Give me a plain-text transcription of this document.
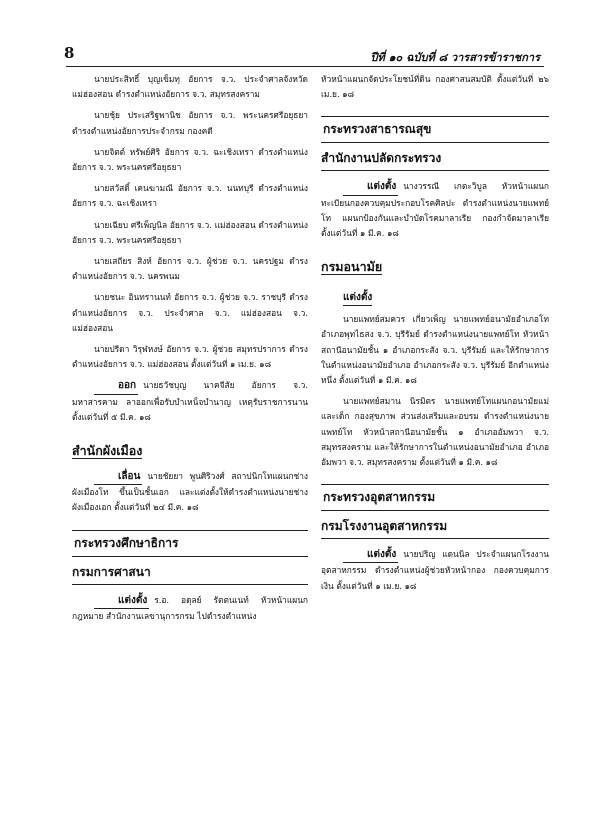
8	ปีที่ ๑๐ ฉบับที่ ๘ วารสารข้าราชการ

นายประสิทธิ์ บุญเข็มทุ อัยการ จ.ว. ประจำศาลจังหวัดแม่ฮ่องสอน ดำรงตำแหน่งอัยการ จ.ว. สมุทรสงคราม

นายชุ้ย ประเสริฐพานิช อัยการ จ.ว. พระนครศรีอยุธยา ดำรงตำแหน่งอัยการประจำกรม กองคดี

นายจิตต์ หรัพย์ศิริ อัยการ จ.ว. ฉะเชิงเทรา ดำรงตำแหน่งอัยการ จ.ว. พระนครศรีอยุธยา

นายสวัสดิ์ เคนฆามณี อัยการ จ.ว. นนทบุรี ดำรงตำแหน่งอัยการ จ.ว. ฉะเชิงเทรา

นายเฉียบ ศรีเพ็ญนิล อัยการ จ.ว. แม่ฮ่องสอน ดำรงตำแหน่งอัยการ จ.ว. พระนครศรีอยุธยา

นายเสถียร สิงห์ อัยการ จ.ว. ผู้ช่วย จ.ว. นครปฐม ดำรงตำแหน่งอัยการ จ.ว. นครพนม

นายชนะ อินทรานนท์ อัยการ จ.ว. ผู้ช่วย จ.ว. ราชบุรี ดำรงตำแหน่งอัยการ จ.ว. ประจำศาล จ.ว. แม่ฮ่องสอน จ.ว. แม่ฮ่องสอน

นายปรีดา วิรุฬหงษ์ อัยการ จ.ว. ผู้ช่วย สมุทรปราการ ดำรงตำแหน่งอัยการ จ.ว. แม่ฮ่องสอน ตั้งแต่วันที่ ๑ เม.ย. ๑๘

ออก นายธวัชบุญ นาคจีสัย อัยการ จ.ว. มหาสารคาม ลาออกเพื่อรับบำเหน็จบำนาญ เหตุรับราชการนาน ตั้งแต่วันที่ ๕ มี.ค. ๑๘

สำนักผังเมือง

เลื่อน นายชัยยา พูนศิริวงศ์ สถาปนิกโทแผนกช่างผังเมืองโท ขึ้นเป็นชั้นเอก และแต่งตั้งให้ดำรงตำแหน่งนายช่างผังเมืองเอก ตั้งแต่วันที่ ๒๔ มี.ค. ๑๘

กระทรวงศึกษาธิการ
กรมการศาสนา

แต่งตั้ง ร.อ. อดุลย์ รัตตนเนท์ หัวหน้าแผนกกฎหมาย สำนักงานเลขานุการกรม ไปดำรงตำแหน่ง

หัวหน้าแผนกจัดประโยชน์ที่ดิน กองศาสนสมบัติ ตั้งแต่วันที่ ๒๖ เม.ย. ๑๘

กระทรวงสาธารณสุข
สำนักงานปลัดกระทรวง

แต่งตั้ง นางวรรณี เกตะวิบูล หัวหน้าแผนกทะเบียนกองควบคุมประกอบโรคศิลปะ ดำรงตำแหน่งนายแพทย์โท แผนกป้องกันและบำบัดโรคมาลาเรีย กองกำจัดมาลาเรีย ตั้งแต่วันที่ ๑ มี.ค. ๑๘

กรมอนามัย
แต่งตั้ง

นายแพทย์สมควร เกี่ยวเพ็ญ นายแพทย์อนามัยอำเภอโท อำเภอพุทไธสง จ.ว. บุรีรัมย์ ดำรงตำแหน่งนายแพทย์โท หัวหน้าสถานีอนามัยชั้น ๑ อำเภอกระสัง จ.ว. บุรีรัมย์ และให้รักษาการในตำแหน่งอนามัยอำเภอ อำเภอกระสัง จ.ว. บุรีรัมย์ อีกตำแหน่งหนึ่ง ตั้งแต่วันที่ ๑ มี.ค. ๑๘

นายแพทย์สมาน นิรมิตร นายแพทย์โทแผนกอนามัยแม่และเด็ก กองสุขภาพ ส่วนส่งเสริมและอบรม ดำรงตำแหน่งนายแพทย์โท หัวหน้าสถานีอนามัยชั้น ๑ อำเภออัมพวา จ.ว. สมุทรสงคราม และให้รักษาการในตำแหน่งอนามัยอำเภอ อำเภออัมพวา จ.ว. สมุทรสงคราม ตั้งแต่วันที่ ๑ มี.ค. ๑๘

กระทรวงอุตสาหกรรม
กรมโรงงานอุตสาหกรรม

แต่งตั้ง นายปริญ แดนนิล ประจำแผนกโรงงานอุตสาหกรรม ดำรงตำแหน่งผู้ช่วยหัวหน้ากอง กองควบคุมการเงิน ตั้งแต่วันที่ ๑ เม.ย. ๑๘
